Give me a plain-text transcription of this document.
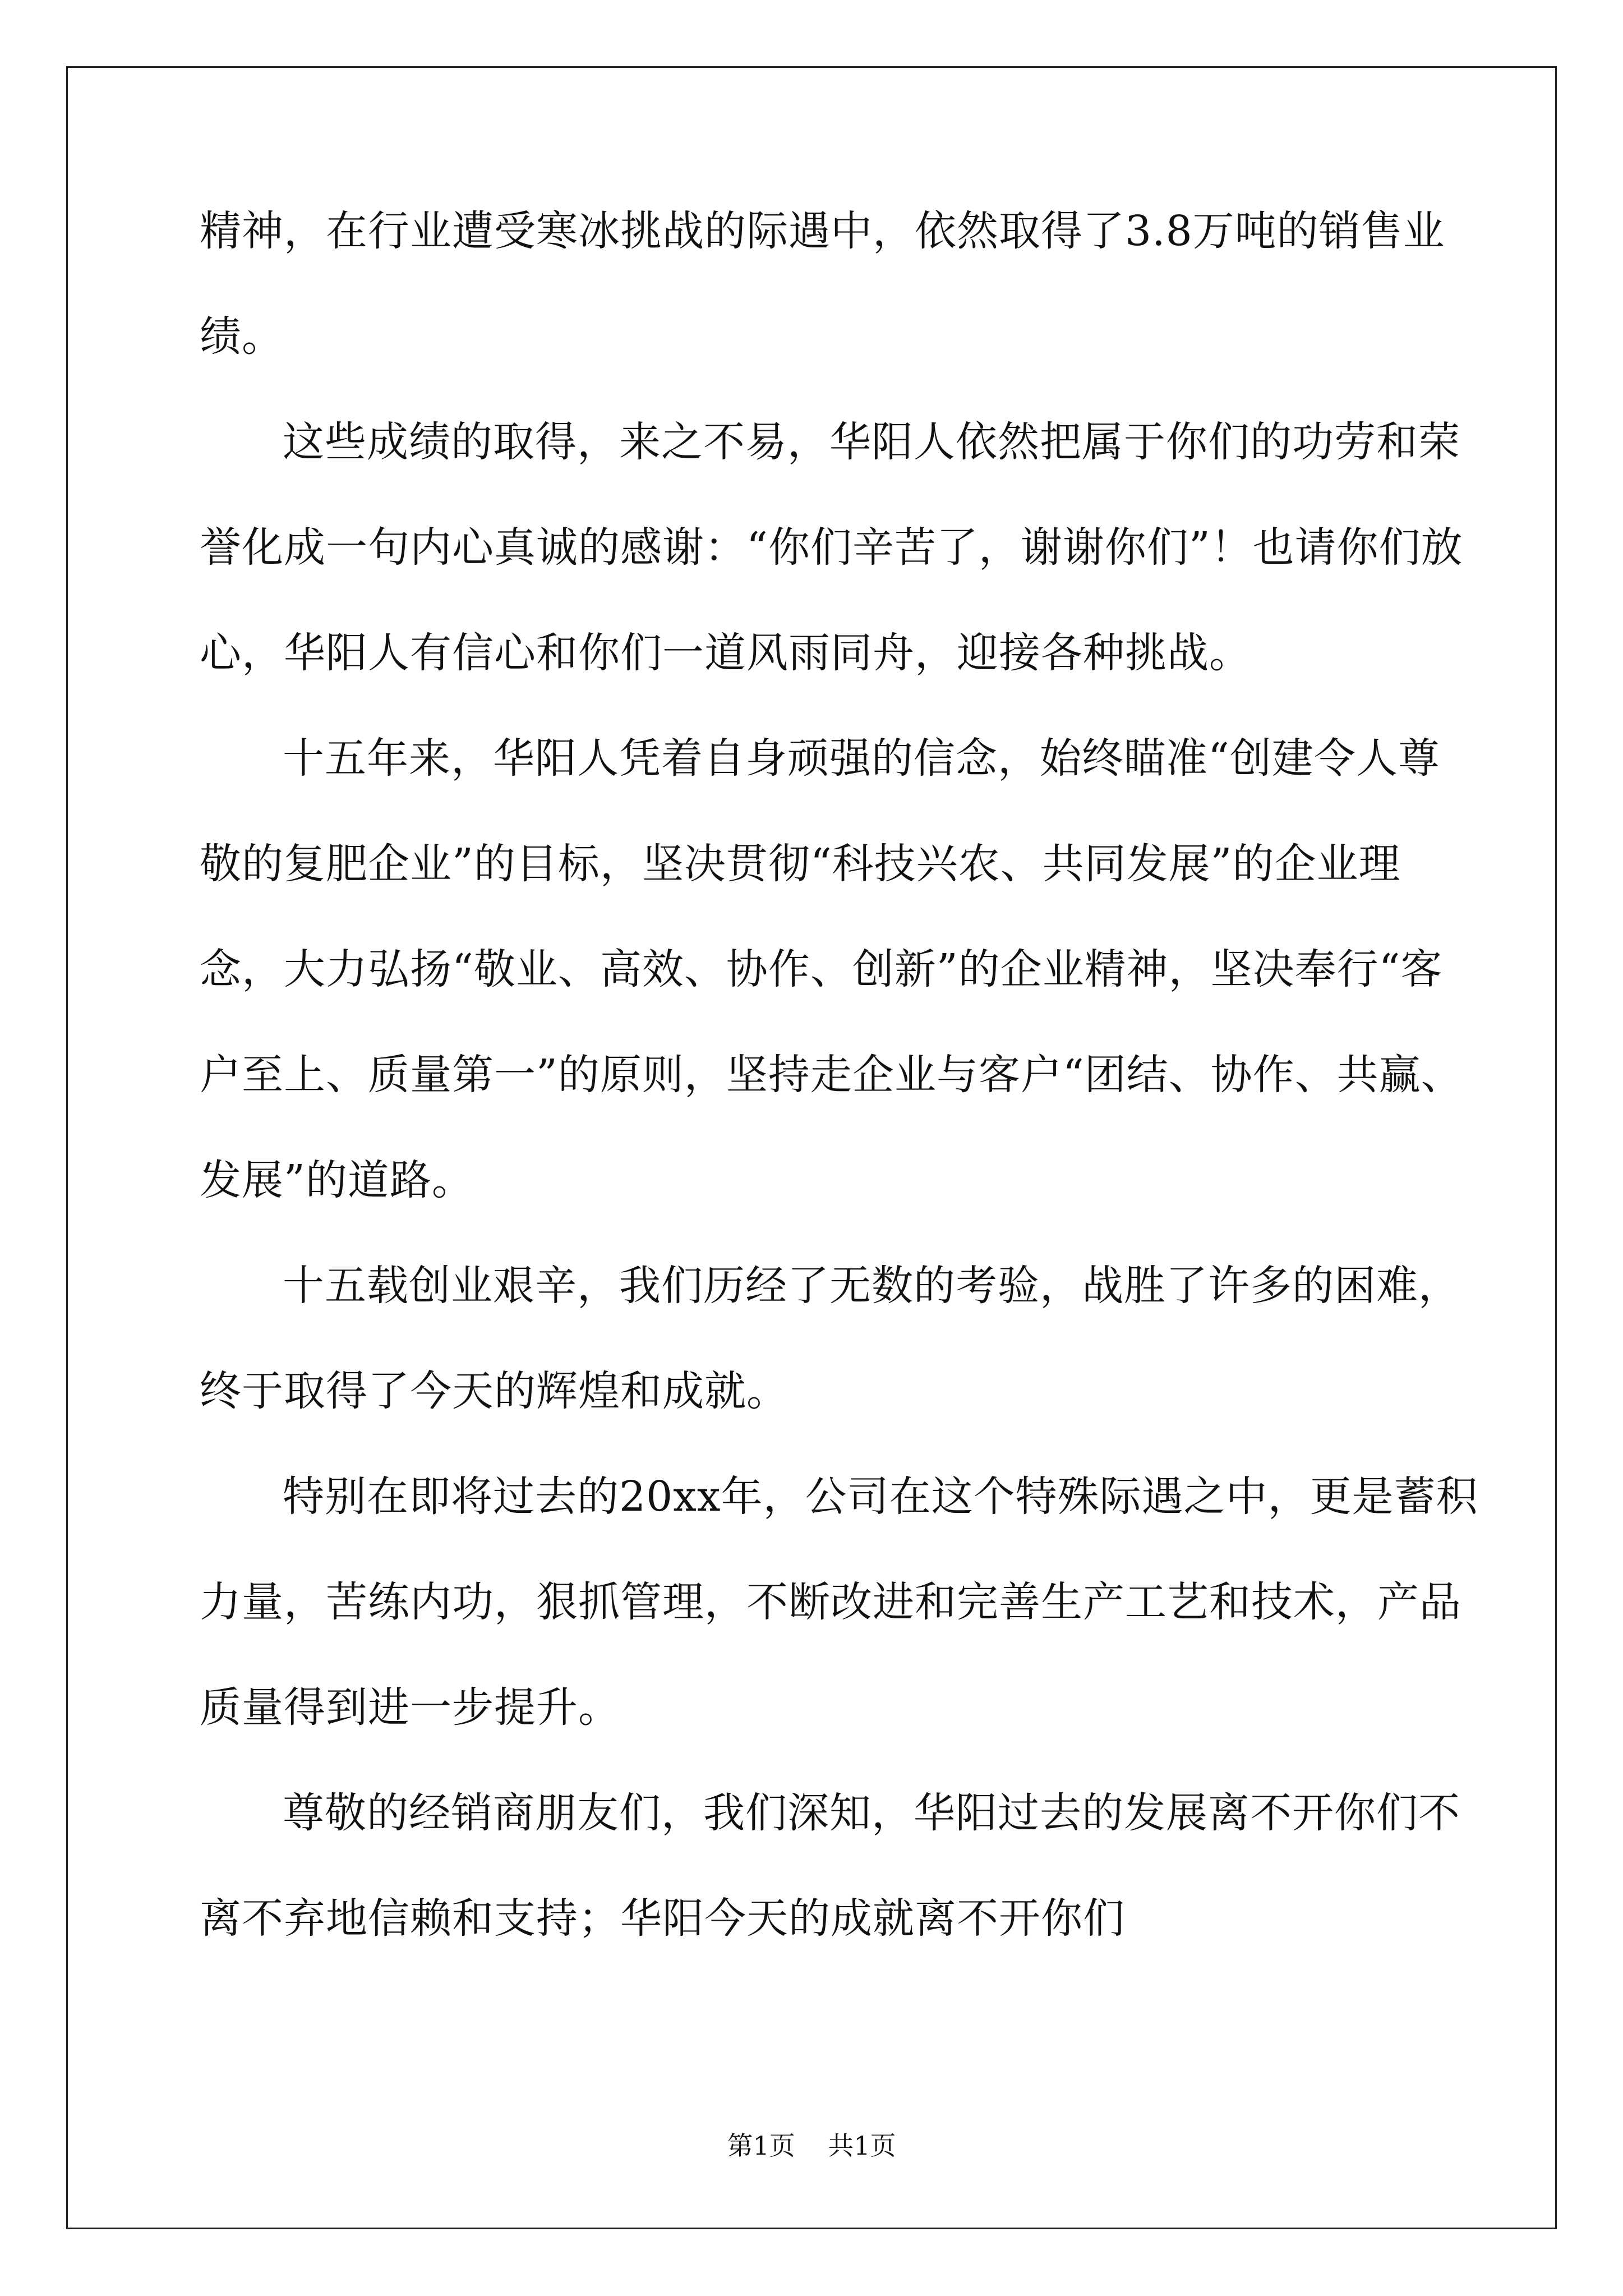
精神，在行业遭受寒冰挑战的际遇中，依然取得了3.8万吨的销售业
绩。
这些成绩的取得，来之不易，华阳人依然把属于你们的功劳和荣
誉化成一句内心真诚的感谢：“你们辛苦了，谢谢你们”！也请你们放
心，华阳人有信心和你们一道风雨同舟，迎接各种挑战。
十五年来，华阳人凭着自身顽强的信念，始终瞄准“创建令人尊
敬的复肥企业”的目标，坚决贯彻“科技兴农、共同发展”的企业理
念，大力弘扬“敬业、高效、协作、创新”的企业精神，坚决奉行“客
户至上、质量第一”的原则，坚持走企业与客户“团结、协作、共赢、
发展”的道路。
十五载创业艰辛，我们历经了无数的考验，战胜了许多的困难，
终于取得了今天的辉煌和成就。
特别在即将过去的20xx年，公司在这个特殊际遇之中，更是蓄积
力量，苦练内功，狠抓管理，不断改进和完善生产工艺和技术，产品
质量得到进一步提升。
尊敬的经销商朋友们，我们深知，华阳过去的发展离不开你们不
离不弃地信赖和支持；华阳今天的成就离不开你们
第1页 共1页
